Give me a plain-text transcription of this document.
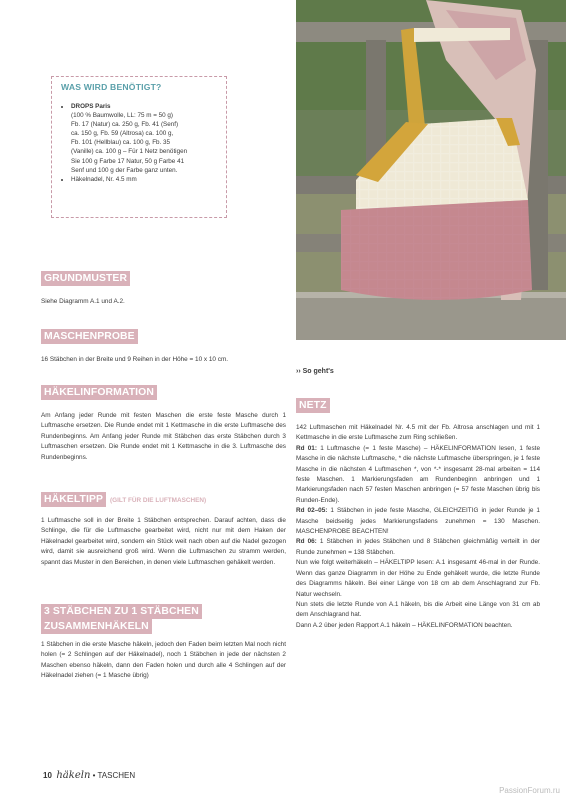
WAS WIRD BENÖTIGT?
• DROPS Paris
(100 % Baumwolle, LL: 75 m = 50 g)
Fb. 17 (Natur) ca. 250 g, Fb. 41 (Senf)
ca. 150 g, Fb. 59 (Altrosa) ca. 100 g,
Fb. 101 (Hellblau) ca. 100 g, Fb. 35
(Vanille) ca. 100 g – Für 1 Netz benötigen
Sie 100 g Farbe 17 Natur, 50 g Farbe 41
Senf und 100 g der Farbe ganz unten.
• Häkelnadel, Nr. 4.5 mm
GRUNDMUSTER
Siehe Diagramm A.1 und A.2.
MASCHENPROBE
16 Stäbchen in der Breite und 9 Reihen in der Höhe = 10 x 10 cm.
HÄKELINFORMATION
Am Anfang jeder Runde mit festen Maschen die erste feste Masche durch 1 Luftmasche ersetzen. Die Runde endet mit 1 Kettmasche in die erste Luftmasche des Rundenbeginns. Am Anfang jeder Runde mit Stäbchen das erste Stäbchen durch 3 Luftmaschen ersetzen. Die Runde endet mit 1 Kettmasche in die 3. Luftmasche des Rundenbeginns.
HÄKELTIPP (GILT FÜR DIE LUFTMASCHEN)
1 Luftmasche soll in der Breite 1 Stäbchen entsprechen. Darauf achten, dass die Schlinge, die für die Luftmasche gearbeitet wird, nicht nur mit dem Haken der Häkelnadel gearbeitet wird, sondern ein Stück weit nach oben auf die Nadel gezogen wird, damit sie ausreichend groß wird. Wenn die Luftmaschen zu stramm werden, spannt das Muster in den Bereichen, in denen viele Luftmaschen gehäkelt werden.
3 STÄBCHEN ZU 1 STÄBCHEN
ZUSAMMENHÄKELN
1 Stäbchen in die erste Masche häkeln, jedoch den Faden beim letzten Mal noch nicht holen (= 2 Schlingen auf der Häkelnadel), noch 1 Stäbchen in jede der nächsten 2 Maschen ebenso häkeln, dann den Faden holen und durch alle 4 Schlingen auf der Häkelnadel ziehen (= 1 Masche übrig)
›› So geht's
NETZ
142 Luftmaschen mit Häkelnadel Nr. 4.5 mit der Fb. Altrosa anschlagen und mit 1 Kettmasche in die erste Luftmasche zum Ring schließen.
Rd 01: 1 Luftmasche (= 1 feste Masche) – HÄKELINFORMATION lesen, 1 feste Masche in die nächste Luftmasche, * die nächste Luftmasche überspringen, je 1 feste Masche in die nächsten 4 Luftmaschen *, von *-* insgesamt 28-mal arbeiten = 114 feste Maschen. 1 Markierungsfaden am Rundenbeginn anbringen und 1 Markierungsfaden nach 57 festen Maschen anbringen (= 57 feste Maschen übrig bis Runden-Ende).
Rd 02–05: 1 Stäbchen in jede feste Masche, GLEICHZEITIG in jeder Runde je 1 Masche beidseitig jedes Markierungsfadens zunehmen = 130 Maschen. MASCHENPROBE BEACHTEN!
Rd 06: 1 Stäbchen in jedes Stäbchen und 8 Stäbchen gleichmäßig verteilt in der Runde zunehmen = 138 Stäbchen.
Nun wie folgt weiterhäkeln – HÄKELTIPP lesen: A.1 insgesamt 46-mal in der Runde. Wenn das ganze Diagramm in der Höhe zu Ende gehäkelt wurde, die letzte Runde des Diagramms häkeln. Bei einer Länge von 18 cm ab dem Anschlagrand zur Fb. Natur wechseln.
Nun stets die letzte Runde von A.1 häkeln, bis die Arbeit eine Länge von 31 cm ab dem Anschlagrand hat.
Dann A.2 über jeden Rapport A.1 häkeln – HÄKELINFORMATION beachten.
10 häkeln • TASCHEN
PassionForum.ru
